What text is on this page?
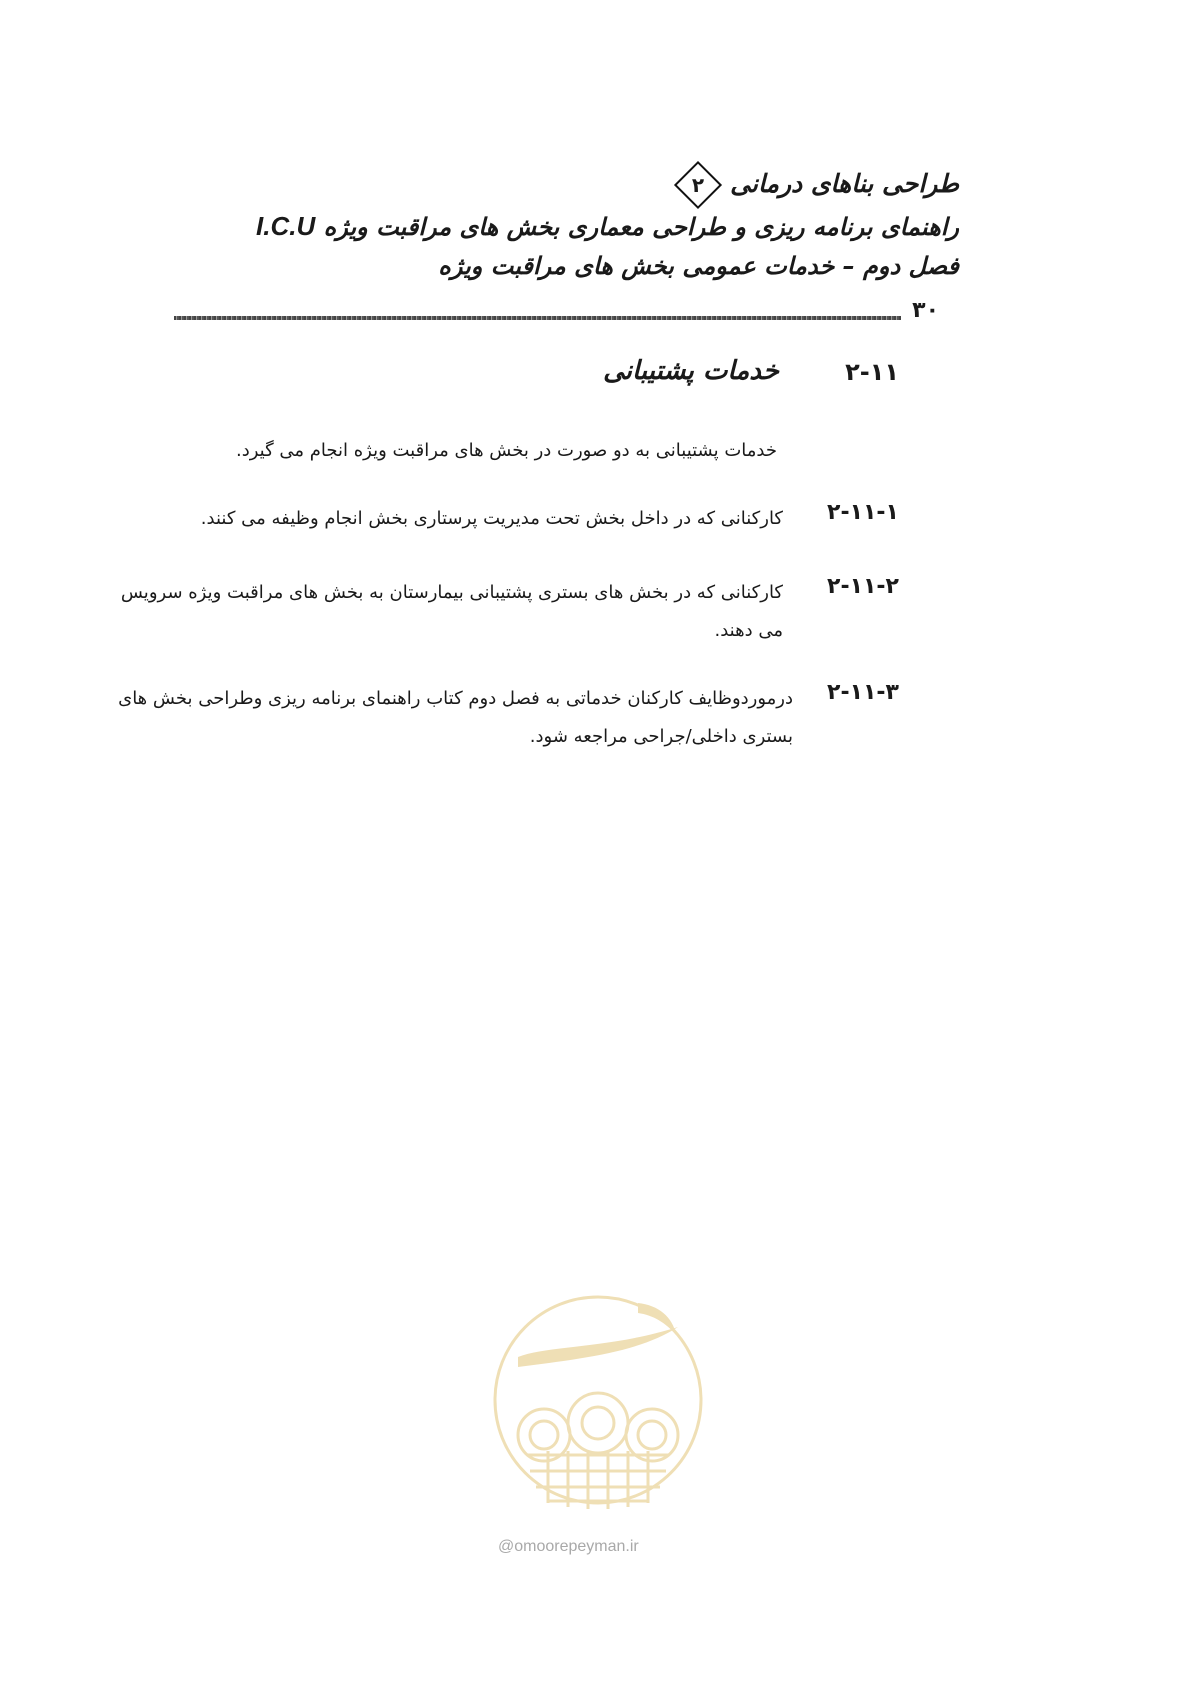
طراحی بناهای درمانی
۲
راهنمای برنامه ریزی و طراحی معماری بخش های مراقبت ویژه I.C.U
فصل دوم – خدمات عمومی بخش های مراقبت ویژه
۳۰
۲-۱۱
خدمات پشتیبانی
خدمات پشتیبانی به دو صورت در بخش های مراقبت ویژه انجام می گیرد.
۲-۱۱-۱
کارکنانی که در داخل بخش تحت مدیریت پرستاری بخش انجام وظیفه می کنند.
۲-۱۱-۲
کارکنانی که در بخش های بستری پشتیبانی بیمارستان به بخش های مراقبت ویژه سرویس می دهند.
۲-۱۱-۳
درموردوظایف کارکنان خدماتی به فصل دوم کتاب راهنمای برنامه ریزی وطراحی بخش های بستری داخلی/جراحی مراجعه شود.
@omoorepeyman.ir
